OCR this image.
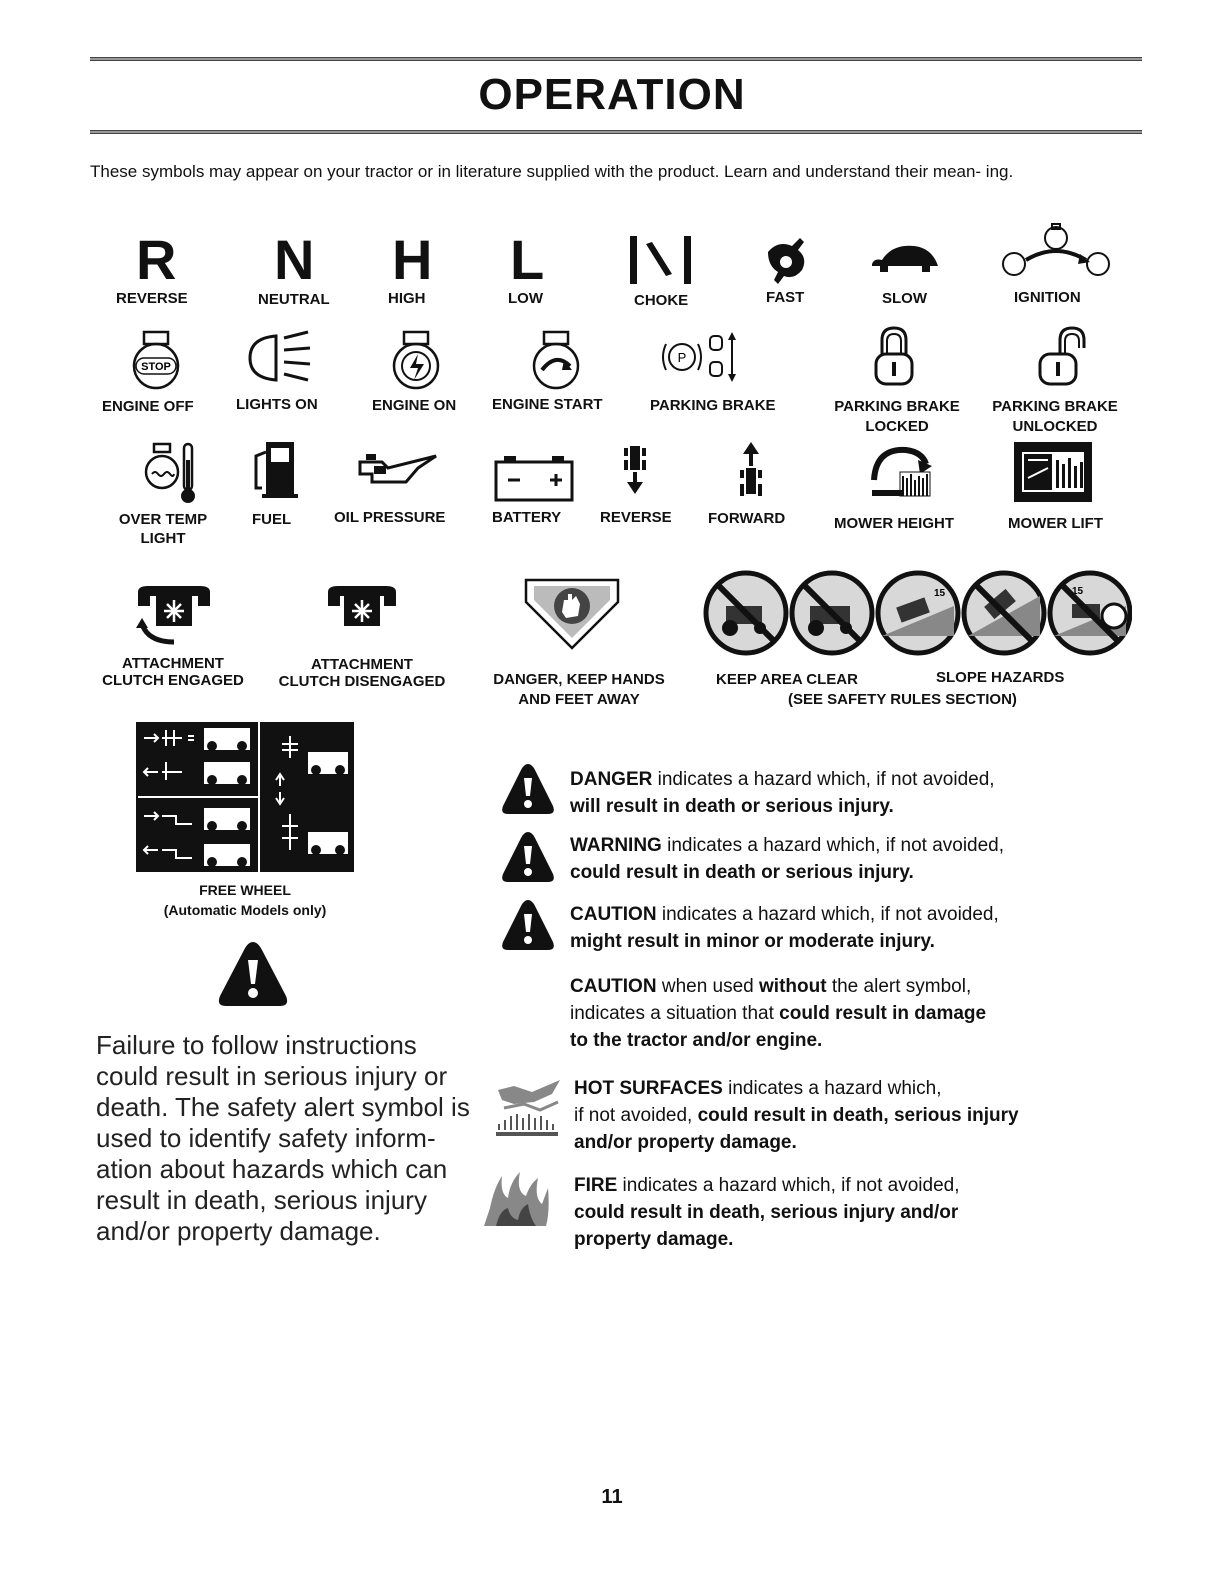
OPERATION
These symbols may appear on your tractor or in literature supplied with the product. Learn and understand their mean- ing.
R N H L
REVERSE	NEUTRAL	HIGH	LOW	CHOKE	FAST	SLOW	IGNITION
STOP
P
ENGINE OFF	LIGHTS ON	ENGINE ON ENGINE START	PARKING BRAKE	PARKING BRAKE
LOCKED
PARKING BRAKE
UNLOCKED
OVER TEMP
LIGHT
FUEL	OIL PRESSURE	BATTERY	REVERSE FORWARD	MOWER HEIGHT	MOWER LIFT
15	15
ATTACHMENT
CLUTCH ENGAGED
ATTACHMENT
CLUTCH DISENGAGED	DANGER, KEEP HANDS
AND FEET AWAY
KEEP AREA CLEAR	SLOPE HAZARDS
(SEE SAFETY RULES SECTION)
FREE WHEEL
(Automatic Models only)
Failure to follow instructions could result in serious injury or death. The safety alert symbol is used to identify safety inform- ation about hazards which can result in death, serious injury and/or property damage.
DANGER indicates a hazard which, if not avoided,
will result in death or serious injury.
WARNING indicates a hazard which, if not avoided,
could result in death or serious injury.
CAUTION indicates a hazard which, if not avoided,
might result in minor or moderate injury.
CAUTION when used without the alert symbol,
indicates a situation that could result in damage
to the tractor and/or engine.
HOT SURFACES indicates a hazard which,
if not avoided, could result in death, serious injury
and/or property damage.
FIRE indicates a hazard which, if not avoided,
could result in death, serious injury and/or
property damage.
11
